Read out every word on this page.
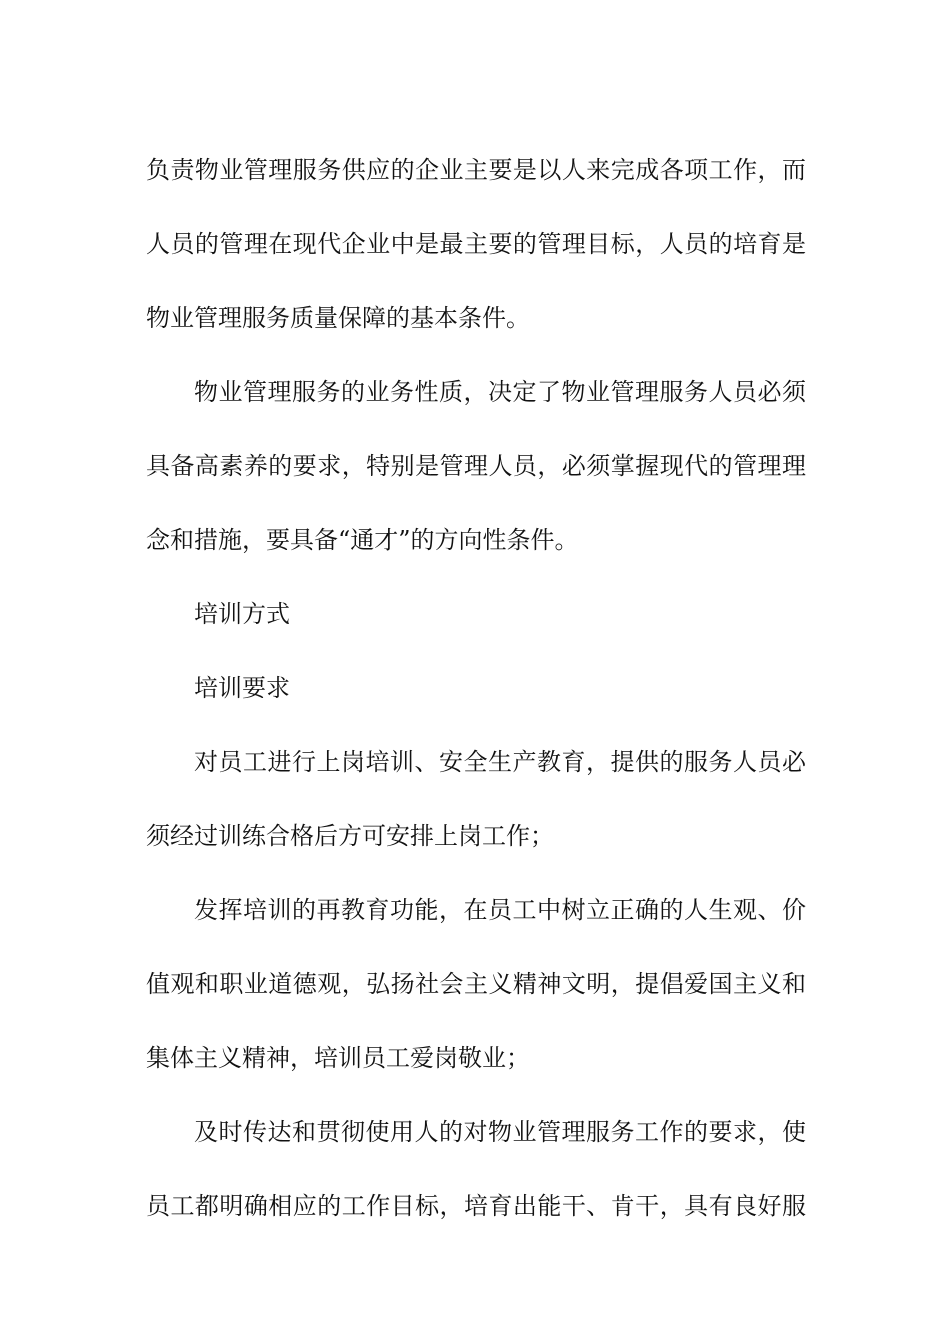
负责物业管理服务供应的企业主要是以人来完成各项工作，而
人员的管理在现代企业中是最主要的管理目标，人员的培育是
物业管理服务质量保障的基本条件。
物业管理服务的业务性质，决定了物业管理服务人员必须
具备高素养的要求，特别是管理人员，必须掌握现代的管理理
念和措施，要具备“通才”的方向性条件。
培训方式
培训要求
对员工进行上岗培训、安全生产教育，提供的服务人员必
须经过训练合格后方可安排上岗工作；
发挥培训的再教育功能，在员工中树立正确的人生观、价
值观和职业道德观，弘扬社会主义精神文明，提倡爱国主义和
集体主义精神，培训员工爱岗敬业；
及时传达和贯彻使用人的对物业管理服务工作的要求，使
员工都明确相应的工作目标，培育出能干、肯干，具有良好服
